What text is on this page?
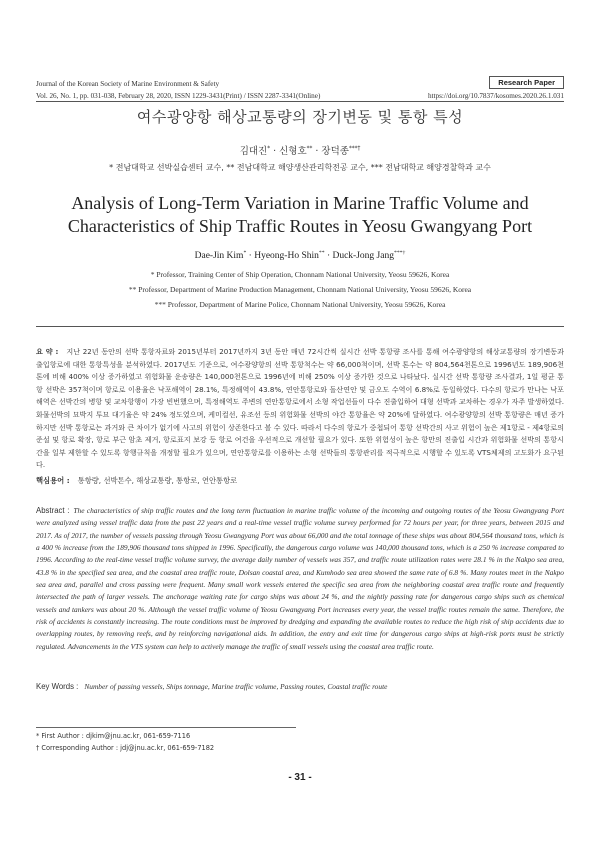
Journal of the Korean Society of Marine Environment & Safety	Research Paper
Vol. 26, No. 1, pp. 031-038, February 28, 2020, ISSN 1229-3431(Print) / ISSN 2287-3341(Online)	https://doi.org/10.7837/kosomes.2020.26.1.031
여수광양항 해상교통량의 장기변동 및 통항 특성
김대진* · 신형호** · 장덕종***†
* 전남대학교 선박실습센터 교수, ** 전남대학교 해양생산관리학전공 교수, *** 전남대학교 해양경찰학과 교수
Analysis of Long-Term Variation in Marine Traffic Volume and
Characteristics of Ship Traffic Routes in Yeosu Gwangyang Port
Dae-Jin Kim* · Hyeong-Ho Shin** · Duck-Jong Jang***†
* Professor, Training Center of Ship Operation, Chonnam National University, Yeosu 59626, Korea
** Professor, Department of Marine Production Management, Chonnam National University, Yeosu 59626, Korea
*** Professor, Department of Marine Police, Chonnam National University, Yeosu 59626, Korea
요 약 : 지난 22년 동안의 선박 통항자료와 2015년부터 2017년까지 3년 동안 매년 72시간씩 실시간 선박 통항량 조사를 통해 여수광양항의 해상교통량의 장기변동과 출입항로에 대한 통항특성을 분석하였다. 2017년도 기준으로, 여수광양항의 선박 통항척수는 약 66,000척이며, 선박 톤수는 약 804,564천톤으로 1996년도 189,906천톤에 비해 400% 이상 증가하였고 위험화물 운송량은 140,000천톤으로 1996년에 비해 250% 이상 증가한 것으로 나타났다. 실시간 선박 통항량 조사결과, 1일 평균 통항 선박은 357척이며 항로로 이용율은 낙포해역이 28.1%, 특정해역이 43.8%, 연안통항로와 돌산연안 및 금오도 수역이 6.8%로 동일하였다. 다수의 항로가 만나는 낙포해역은 선박간의 병항 및 교차항행이 가장 빈번했으며, 특정해역도 주변의 연안통항로에서 소형 작업선들이 다수 진출입하여 대형 선박과 교차하는 경우가 자주 발생하였다. 화물선박의 묘박지 투묘 대기율은 약 24% 정도였으며, 케미컬선, 유조선 등의 위험화물 선박의 야간 통항율은 약 20%에 달하였다. 여수광양항의 선박 통항량은 매년 증가하지만 선박 통항로는 과거와 큰 차이가 없기에 사고의 위험이 상존한다고 볼 수 있다. 따라서 다수의 항로가 중첩되어 통항 선박간의 사고 위험이 높은 제1항로 - 제4항로의 준설 및 항로 확장, 항로 부근 암초 제거, 항로표지 보강 등 항로 여건을 우선적으로 개선할 필요가 있다. 또한 위험성이 높은 항만의 진출입 시간과 위험화물 선박의 통항시간을 일부 제한할 수 있도록 항행규칙을 개정할 필요가 있으며, 연안통항로를 이용하는 소형 선박들의 통항관리를 적극적으로 시행할 수 있도록 VTS체제의 고도화가 요구된다.
핵심용어 : 통항량, 선박톤수, 해상교통량, 통항로, 연안통항로
Abstract : The characteristics of ship traffic routes and the long term fluctuation in marine traffic volume of the incoming and outgoing routes of the Yeosu Gwangyang Port were analyzed using vessel traffic data from the past 22 years and a real-time vessel traffic volume survey performed for 72 hours per year, for three years, between 2015 and 2017. As of 2017, the number of vessels passing through Yeosu Gwangyang Port was about 66,000 and the total tonnage of these ships was about 804,564 thousand tons, which is a 400 % increase from the 189,906 thousand tons shipped in 1996. Specifically, the dangerous cargo volume was 140,000 thousand tons, which is a 250 % increase compared to 1996. According to the real-time vessel traffic volume survey, the average daily number of vessels was 357, and traffic route utilization rates were 28.1 % in the Nakpo sea area, 43.8 % in the specified sea area, and the coastal area traffic route, Dolsan coastal area, and Kumhodo sea area showed the same rate of 6.8 %. Many routes meet in the Nakpo sea area and, parallel and cross passing were frequent. Many small work vessels entered the specific sea area from the neighboring coastal area traffic route and frequently intersected the path of larger vessels. The anchorage waiting rate for cargo ships was about 24 %, and the nightly passing rate for dangerous cargo ships such as chemical vessels and tankers was about 20 %. Although the vessel traffic volume of Yeosu Gwangyang Port increases every year, the vessel traffic routes remain the same. Therefore, the risk of accidents is constantly increasing. The route conditions must be improved by dredging and expanding the available routes to reduce the high risk of ship accidents due to overlapping routes, by removing reefs, and by reinforcing navigational aids. In addition, the entry and exit time for dangerous cargo ships at high-risk ports must be strictly regulated. Advancements in the VTS system can help to actively manage the traffic of small vessels using the coastal area traffic route.
Key Words : Number of passing vessels, Ships tonnage, Marine traffic volume, Passing routes, Coastal traffic route
* First Author : djkim@jnu.ac.kr, 061-659-7116
† Corresponding Author : jdj@jnu.ac.kr, 061-659-7182
- 31 -
